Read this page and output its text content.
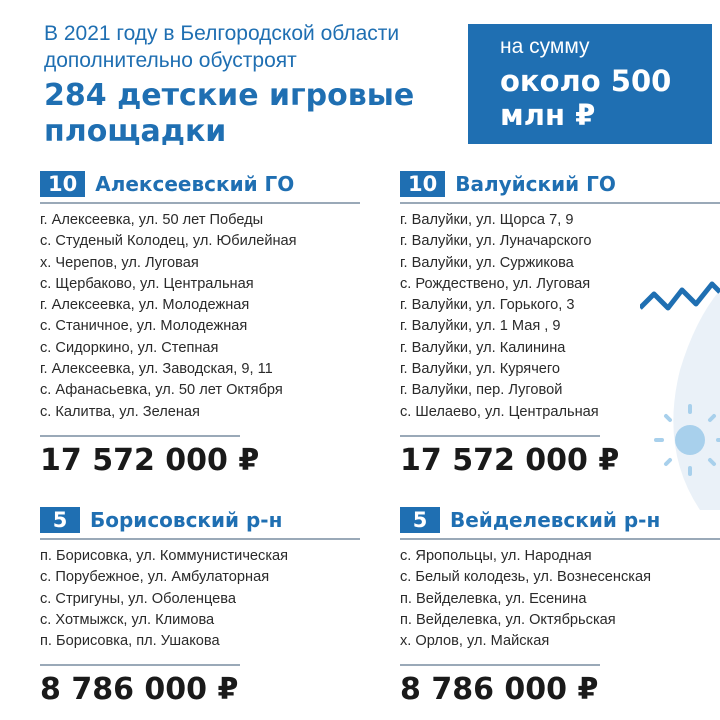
В 2021 году в Белгородской области дополнительно обустроят
284 детские игровые площадки
на сумму
около 500 млн ₽
10 Алексеевский ГО
г. Алексеевка, ул. 50 лет Победы
с. Студеный Колодец, ул. Юбилейная
х. Черепов, ул. Луговая
с. Щербаково, ул. Центральная
г. Алексеевка, ул. Молодежная
с. Станичное, ул. Молодежная
с. Сидоркино, ул. Степная
г. Алексеевка, ул. Заводская, 9, 11
с. Афанасьевка, ул. 50 лет Октября
с. Калитва, ул. Зеленая
17 572 000 ₽
10 Валуйский ГО
г. Валуйки, ул. Щорса 7, 9
г. Валуйки, ул. Луначарского
г. Валуйки, ул. Суржикова
с. Рождествено, ул. Луговая
г. Валуйки, ул. Горького, 3
г. Валуйки, ул. 1 Мая , 9
г. Валуйки, ул. Калинина
г. Валуйки, ул. Курячего
г. Валуйки, пер. Луговой
с. Шелаево, ул. Центральная
17 572 000 ₽
5	Борисовский р-н
п. Борисовка, ул. Коммунистическая
с. Порубежное, ул. Амбулаторная
с. Стригуны, ул. Оболенцева
с. Хотмыжск, ул. Климова
п. Борисовка, пл. Ушакова
8 786 000 ₽
5	Вейделевский р-н
с. Яропольцы, ул. Народная
с. Белый колодезь, ул. Вознесенская
п. Вейделевка, ул. Есенина
п. Вейделевка, ул. Октябрьская
х. Орлов, ул. Майская
8 786 000 ₽
